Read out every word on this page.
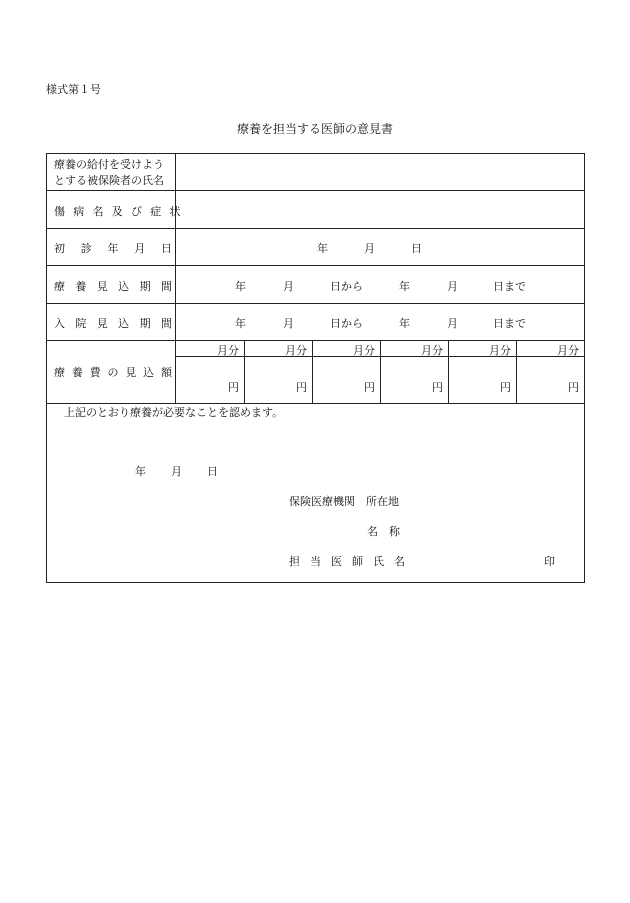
様式第１号
療養を担当する医師の意見書
療養の給付を受けよう
とする被保険者の氏名
傷病名及び症状
初 診 年 月 日	年	月	日
療 養 見 込 期 間	年	月	日から	年	月	日まで
入 院 見 込 期 間	年	月	日から	年	月	日まで
療 養 費 の 見 込 額
月分	月分	月分	月分	月分	月分
円	円	円	円	円	円
上記のとおり療養が必要なことを認めます。
年 月 日
保険医療機関　所在地
名　称
担 当 医 師 氏 名	印
